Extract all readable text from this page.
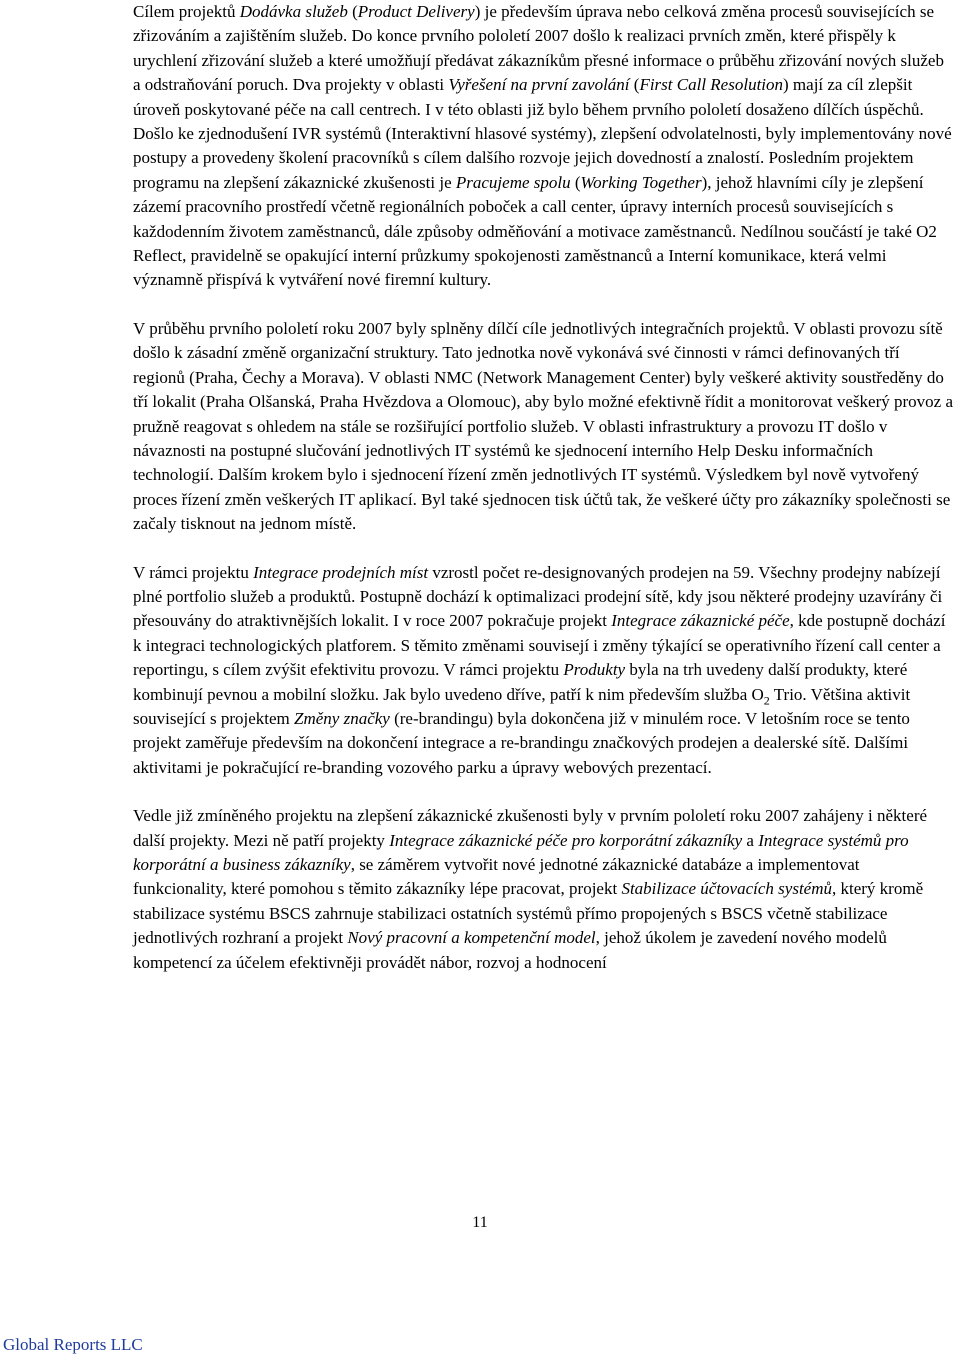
Cílem projektů Dodávka služeb (Product Delivery) je především úprava nebo celková změna procesů souvisejících se zřizováním a zajištěním služeb. Do konce prvního pololetí 2007 došlo k realizaci prvních změn, které přispěly k urychlení zřizování služeb a které umožňují předávat zákazníkům přesné informace o průběhu zřizování nových služeb a odstraňování poruch. Dva projekty v oblasti Vyřešení na první zavolání (First Call Resolution) mají za cíl zlepšit úroveň poskytované péče na call centrech. I v této oblasti již bylo během prvního pololetí dosaženo dílčích úspěchů. Došlo ke zjednodušení IVR systémů (Interaktivní hlasové systémy), zlepšení odvolatelnosti, byly implementovány nové postupy a provedeny školení pracovníků s cílem dalšího rozvoje jejich dovedností a znalostí. Posledním projektem programu na zlepšení zákaznické zkušenosti je Pracujeme spolu (Working Together), jehož hlavními cíly je zlepšení zázemí pracovního prostředí včetně regionálních poboček a call center, úpravy interních procesů souvisejících s každodenním životem zaměstnanců, dále způsoby odměňování a motivace zaměstnanců. Nedílnou součástí je také O2 Reflect, pravidelně se opakující interní průzkumy spokojenosti zaměstnanců a Interní komunikace, která velmi významně přispívá k vytváření nové firemní kultury.

V průběhu prvního pololetí roku 2007 byly splněny dílčí cíle jednotlivých integračních projektů. V oblasti provozu sítě došlo k zásadní změně organizační struktury. Tato jednotka nově vykonává své činnosti v rámci definovaných tří regionů (Praha, Čechy a Morava). V oblasti NMC (Network Management Center) byly veškeré aktivity soustředěny do tří lokalit (Praha Olšanská, Praha Hvězdova a Olomouc), aby bylo možné efektivně řídit a monitorovat veškerý provoz a pružně reagovat s ohledem na stále se rozšiřující portfolio služeb. V oblasti infrastruktury a provozu IT došlo v návaznosti na postupné slučování jednotlivých IT systémů ke sjednocení interního Help Desku informačních technologií. Dalším krokem bylo i sjednocení řízení změn jednotlivých IT systémů. Výsledkem byl nově vytvořený proces řízení změn veškerých IT aplikací. Byl také sjednocen tisk účtů tak, že veškeré účty pro zákazníky společnosti se začaly tisknout na jednom místě.

V rámci projektu Integrace prodejních míst vzrostl počet re-designovaných prodejen na 59. Všechny prodejny nabízejí plné portfolio služeb a produktů. Postupně dochází k optimalizaci prodejní sítě, kdy jsou některé prodejny uzavírány či přesouvány do atraktivnějších lokalit. I v roce 2007 pokračuje projekt Integrace zákaznické péče, kde postupně dochází k integraci technologických platforem. S těmito změnami souvisejí i změny týkající se operativního řízení call center a reportingu, s cílem zvýšit efektivitu provozu. V rámci projektu Produkty byla na trh uvedeny další produkty, které kombinují pevnou a mobilní složku. Jak bylo uvedeno dříve, patří k nim především služba $O_2$ Trio. Většina aktivit související s projektem Změny značky (re-brandingu) byla dokončena již v minulém roce. V letošním roce se tento projekt zaměřuje především na dokončení integrace a re-brandingu značkových prodejen a dealerské sítě. Dalšími aktivitami je pokračující re-branding vozového parku a úpravy webových prezentací.

Vedle již zmíněného projektu na zlepšení zákaznické zkušenosti byly v prvním pololetí roku 2007 zahájeny i některé další projekty. Mezi ně patří projekty Integrace zákaznické péče pro korporátní zákazníky a Integrace systémů pro korporátní a business zákazníky, se záměrem vytvořit nové jednotné zákaznické databáze a implementovat funkcionality, které pomohou s těmito zákazníky lépe pracovat, projekt Stabilizace účtovacích systémů, který kromě stabilizace systému BSCS zahrnuje stabilizaci ostatních systémů přímo propojených s BSCS včetně stabilizace jednotlivých rozhraní a projekt Nový pracovní a kompetenční model, jehož úkolem je zavedení nového modelů kompetencí za účelem efektivněji provádět nábor, rozvoj a hodnocení

11
Global Reports LLC
